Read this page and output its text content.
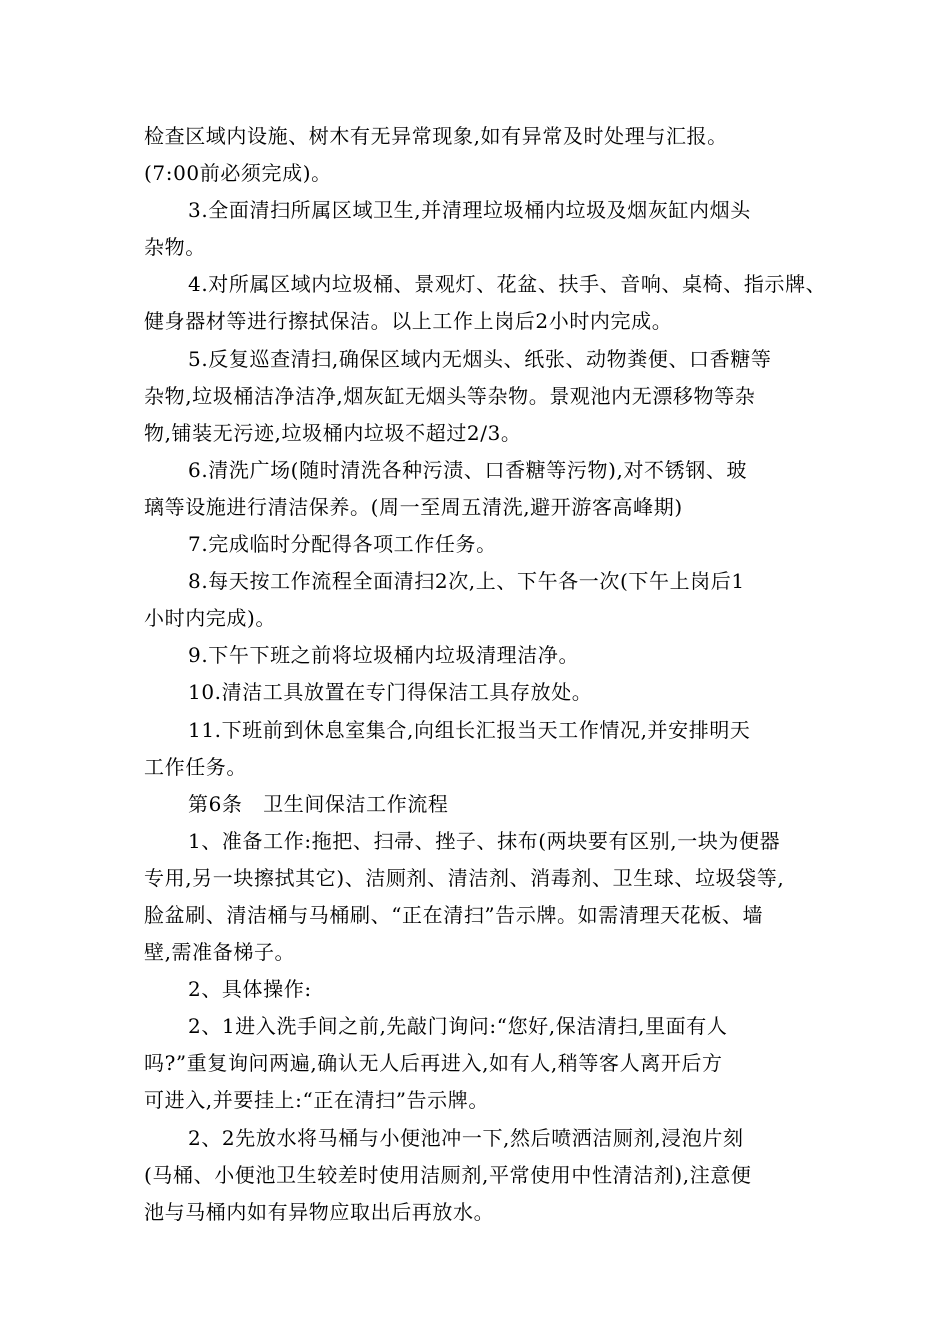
检查区域内设施、树木有无异常现象,如有异常及时处理与汇报。
(7:00前必须完成)。
3.全面清扫所属区域卫生,并清理垃圾桶内垃圾及烟灰缸内烟头
杂物。
4.对所属区域内垃圾桶、景观灯、花盆、扶手、音响、桌椅、指示牌、
健身器材等进行擦拭保洁。以上工作上岗后2小时内完成。
5.反复巡查清扫,确保区域内无烟头、纸张、动物粪便、口香糖等
杂物,垃圾桶洁净洁净,烟灰缸无烟头等杂物。景观池内无漂移物等杂
物,铺装无污迹,垃圾桶内垃圾不超过2/3。
6.清洗广场(随时清洗各种污渍、口香糖等污物),对不锈钢、玻
璃等设施进行清洁保养。(周一至周五清洗,避开游客高峰期)
7.完成临时分配得各项工作任务。
8.每天按工作流程全面清扫2次,上、下午各一次(下午上岗后1
小时内完成)。
9.下午下班之前将垃圾桶内垃圾清理洁净。
10.清洁工具放置在专门得保洁工具存放处。
11.下班前到休息室集合,向组长汇报当天工作情况,并安排明天
工作任务。
第6条　卫生间保洁工作流程
1、准备工作:拖把、扫帚、挫子、抹布(两块要有区别,一块为便器
专用,另一块擦拭其它)、洁厕剂、清洁剂、消毒剂、卫生球、垃圾袋等,
脸盆刷、清洁桶与马桶刷、“正在清扫”告示牌。如需清理天花板、墙
壁,需准备梯子。
2、具体操作:
2、1进入洗手间之前,先敲门询问:“您好,保洁清扫,里面有人
吗?”重复询问两遍,确认无人后再进入,如有人,稍等客人离开后方
可进入,并要挂上:“正在清扫”告示牌。
2、2先放水将马桶与小便池冲一下,然后喷洒洁厕剂,浸泡片刻
(马桶、小便池卫生较差时使用洁厕剂,平常使用中性清洁剂),注意便
池与马桶内如有异物应取出后再放水。
